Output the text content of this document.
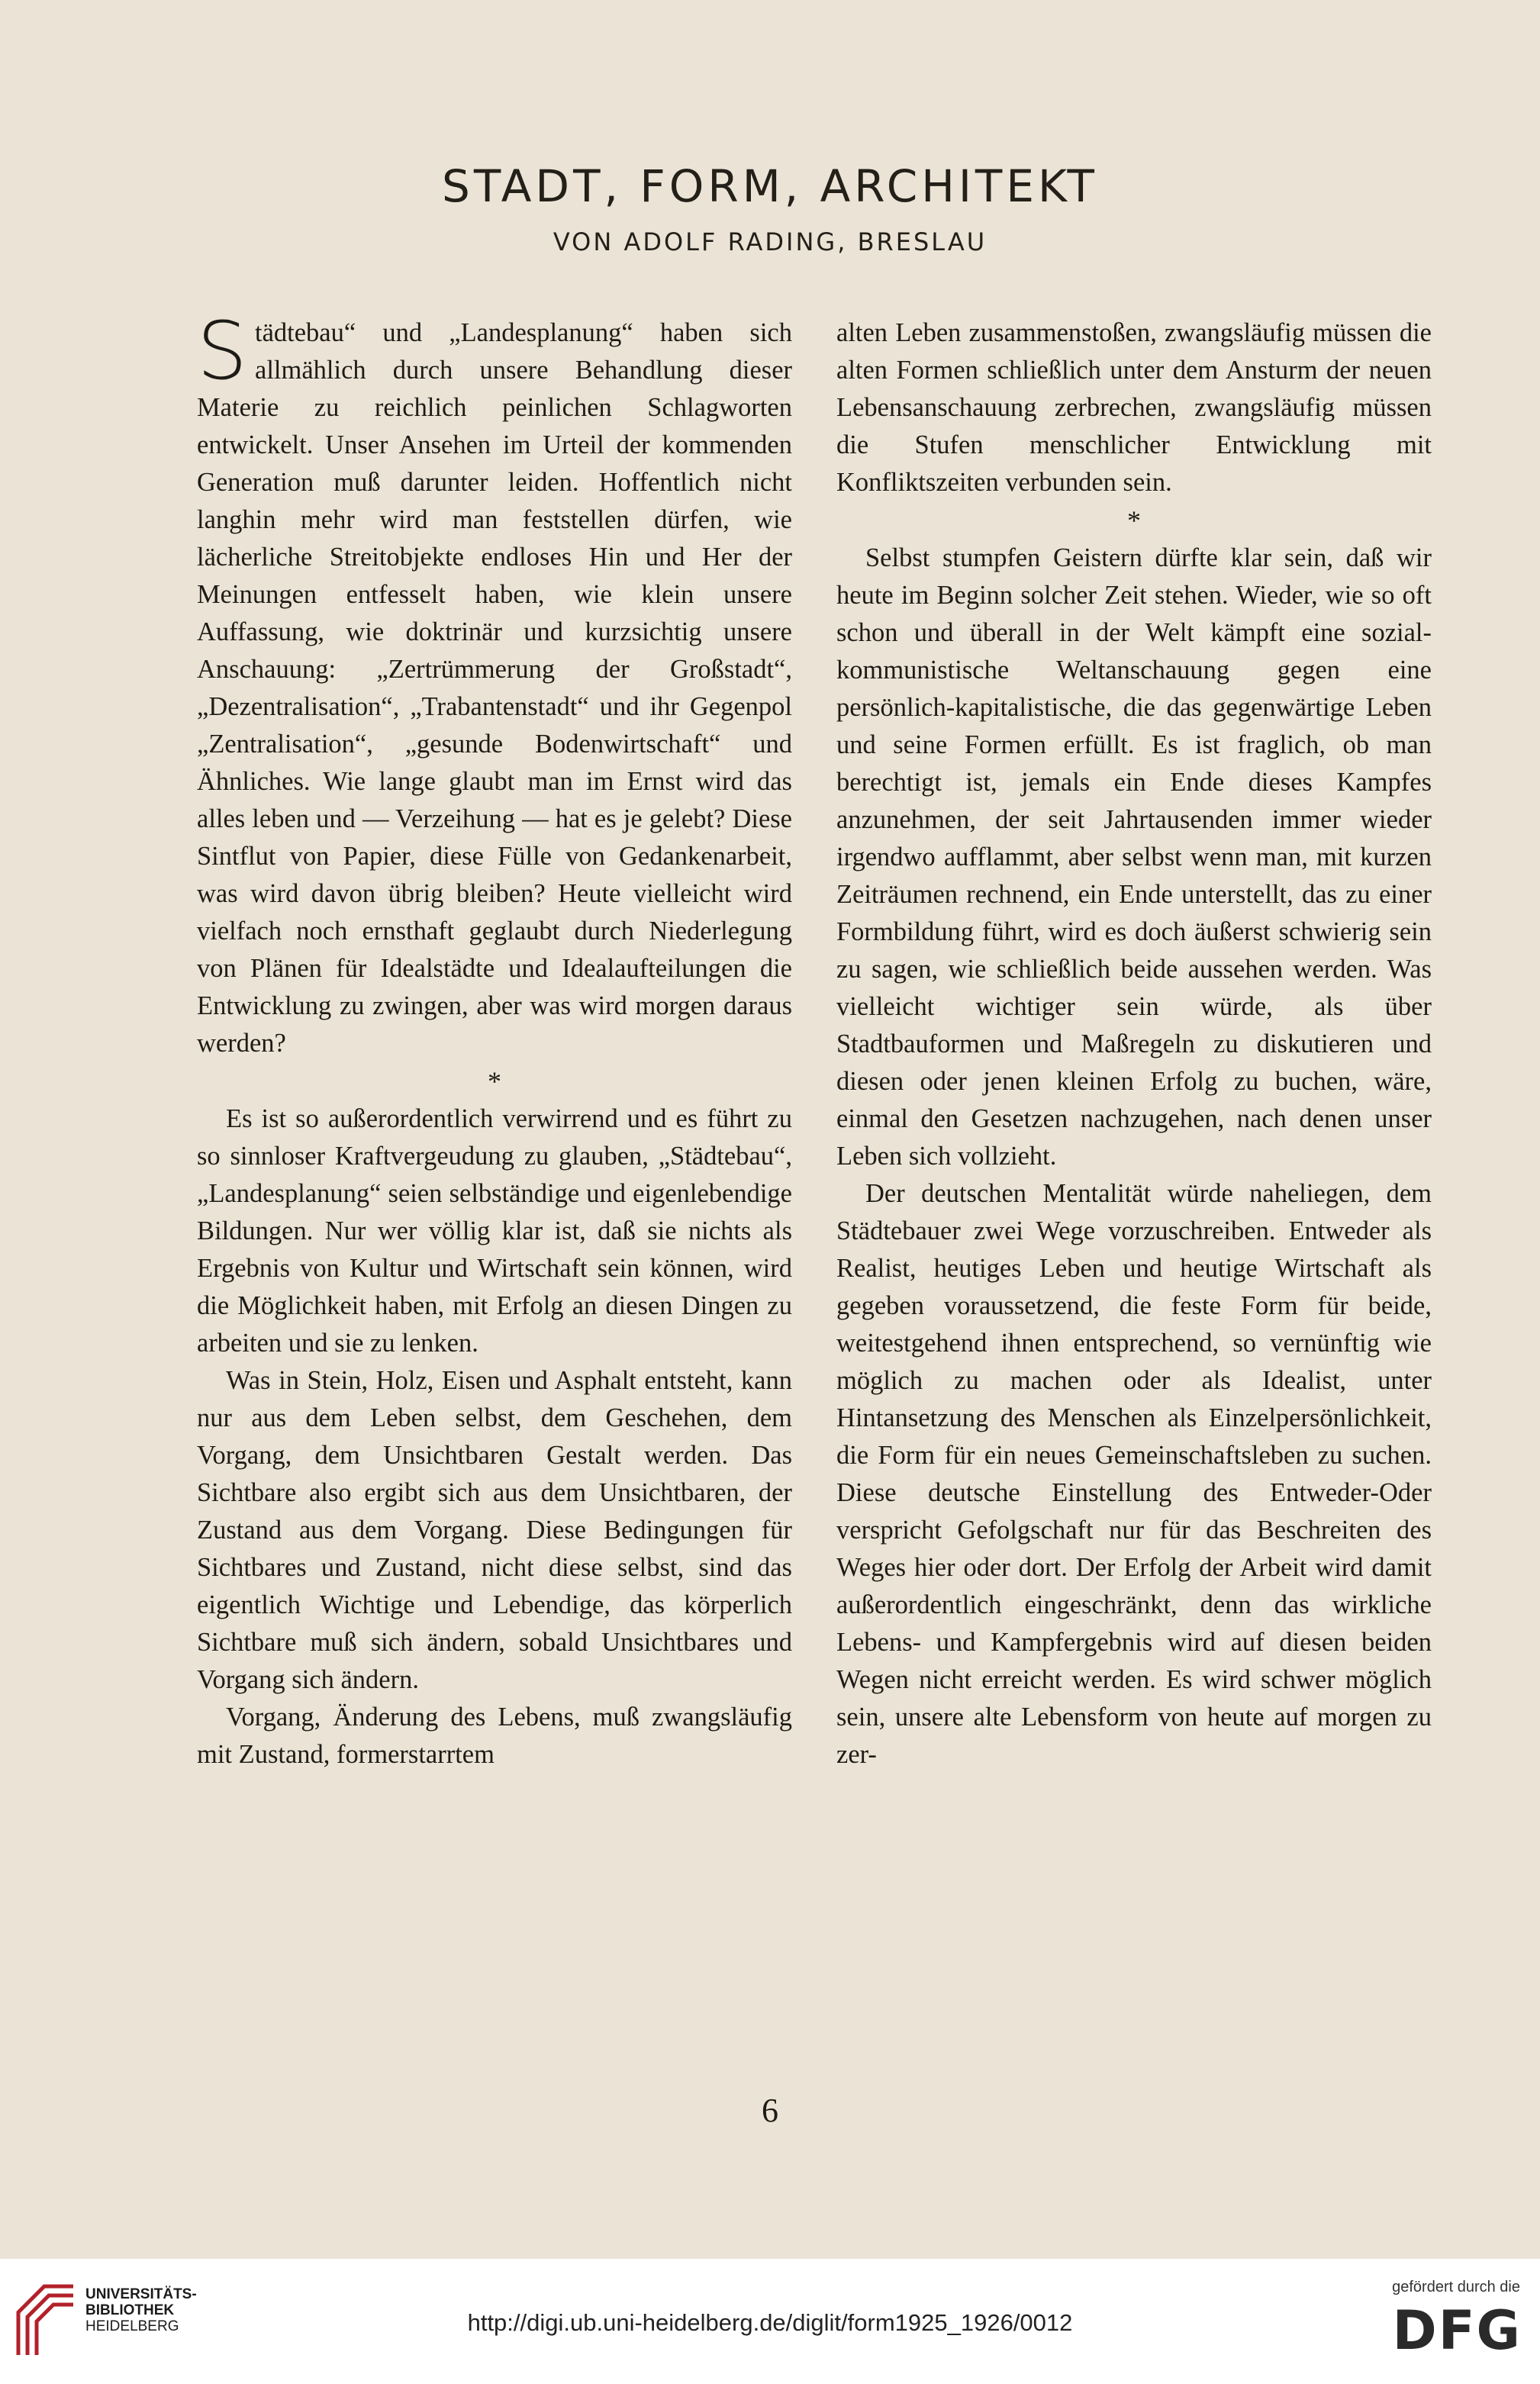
STADT, FORM, ARCHITEKT
VON ADOLF RADING, BRESLAU

Städtebau“ und „Landesplanung“ haben sich allmählich durch unsere Behandlung dieser Materie zu reichlich peinlichen Schlagworten entwickelt. Unser Ansehen im Urteil der kommenden Generation muß darunter leiden. Hoffentlich nicht langhin mehr wird man feststellen dürfen, wie lächerliche Streitobjekte endloses Hin und Her der Meinungen entfesselt haben, wie klein unsere Auffassung, wie doktrinär und kurzsichtig unsere Anschauung: „Zertrümmerung der Großstadt“, „Dezentralisation“, „Trabantenstadt“ und ihr Gegenpol „Zentralisation“, „gesunde Bodenwirtschaft“ und Ähnliches. Wie lange glaubt man im Ernst wird das alles leben und — Verzeihung — hat es je gelebt? Diese Sintflut von Papier, diese Fülle von Gedankenarbeit, was wird davon übrig bleiben? Heute vielleicht wird vielfach noch ernsthaft geglaubt durch Niederlegung von Plänen für Idealstädte und Idealaufteilungen die Entwicklung zu zwingen, aber was wird morgen daraus werden?

*

Es ist so außerordentlich verwirrend und es führt zu so sinnloser Kraftvergeudung zu glauben, „Städtebau“, „Landesplanung“ seien selbständige und eigenlebendige Bildungen. Nur wer völlig klar ist, daß sie nichts als Ergebnis von Kultur und Wirtschaft sein können, wird die Möglichkeit haben, mit Erfolg an diesen Dingen zu arbeiten und sie zu lenken.

Was in Stein, Holz, Eisen und Asphalt entsteht, kann nur aus dem Leben selbst, dem Geschehen, dem Vorgang, dem Unsichtbaren Gestalt werden. Das Sichtbare also ergibt sich aus dem Unsichtbaren, der Zustand aus dem Vorgang. Diese Bedingungen für Sichtbares und Zustand, nicht diese selbst, sind das eigentlich Wichtige und Lebendige, das körperlich Sichtbare muß sich ändern, sobald Unsichtbares und Vorgang sich ändern.

Vorgang, Änderung des Lebens, muß zwangsläufig mit Zustand, formerstarrtem

alten Leben zusammenstoßen, zwangsläufig müssen die alten Formen schließlich unter dem Ansturm der neuen Lebensanschauung zerbrechen, zwangsläufig müssen die Stufen menschlicher Entwicklung mit Konfliktszeiten verbunden sein.

*

Selbst stumpfen Geistern dürfte klar sein, daß wir heute im Beginn solcher Zeit stehen. Wieder, wie so oft schon und überall in der Welt kämpft eine sozial-kommunistische Weltanschauung gegen eine persönlich-kapitalistische, die das gegenwärtige Leben und seine Formen erfüllt. Es ist fraglich, ob man berechtigt ist, jemals ein Ende dieses Kampfes anzunehmen, der seit Jahrtausenden immer wieder irgendwo aufflammt, aber selbst wenn man, mit kurzen Zeiträumen rechnend, ein Ende unterstellt, das zu einer Formbildung führt, wird es doch äußerst schwierig sein zu sagen, wie schließlich beide aussehen werden. Was vielleicht wichtiger sein würde, als über Stadtbauformen und Maßregeln zu diskutieren und diesen oder jenen kleinen Erfolg zu buchen, wäre, einmal den Gesetzen nachzugehen, nach denen unser Leben sich vollzieht.

Der deutschen Mentalität würde naheliegen, dem Städtebauer zwei Wege vorzuschreiben. Entweder als Realist, heutiges Leben und heutige Wirtschaft als gegeben voraussetzend, die feste Form für beide, weitestgehend ihnen entsprechend, so vernünftig wie möglich zu machen oder als Idealist, unter Hintansetzung des Menschen als Einzelpersönlichkeit, die Form für ein neues Gemeinschaftsleben zu suchen. Diese deutsche Einstellung des Entweder-Oder verspricht Gefolgschaft nur für das Beschreiten des Weges hier oder dort. Der Erfolg der Arbeit wird damit außerordentlich eingeschränkt, denn das wirkliche Lebens- und Kampfergebnis wird auf diesen beiden Wegen nicht erreicht werden. Es wird schwer möglich sein, unsere alte Lebensform von heute auf morgen zu zer-

6
UNIVERSITÄTS-
BIBLIOTHEK
HEIDELBERG	http://digi.ub.uni-heidelberg.de/diglit/form1925_1926/0012
gefördert durch die
DFG
